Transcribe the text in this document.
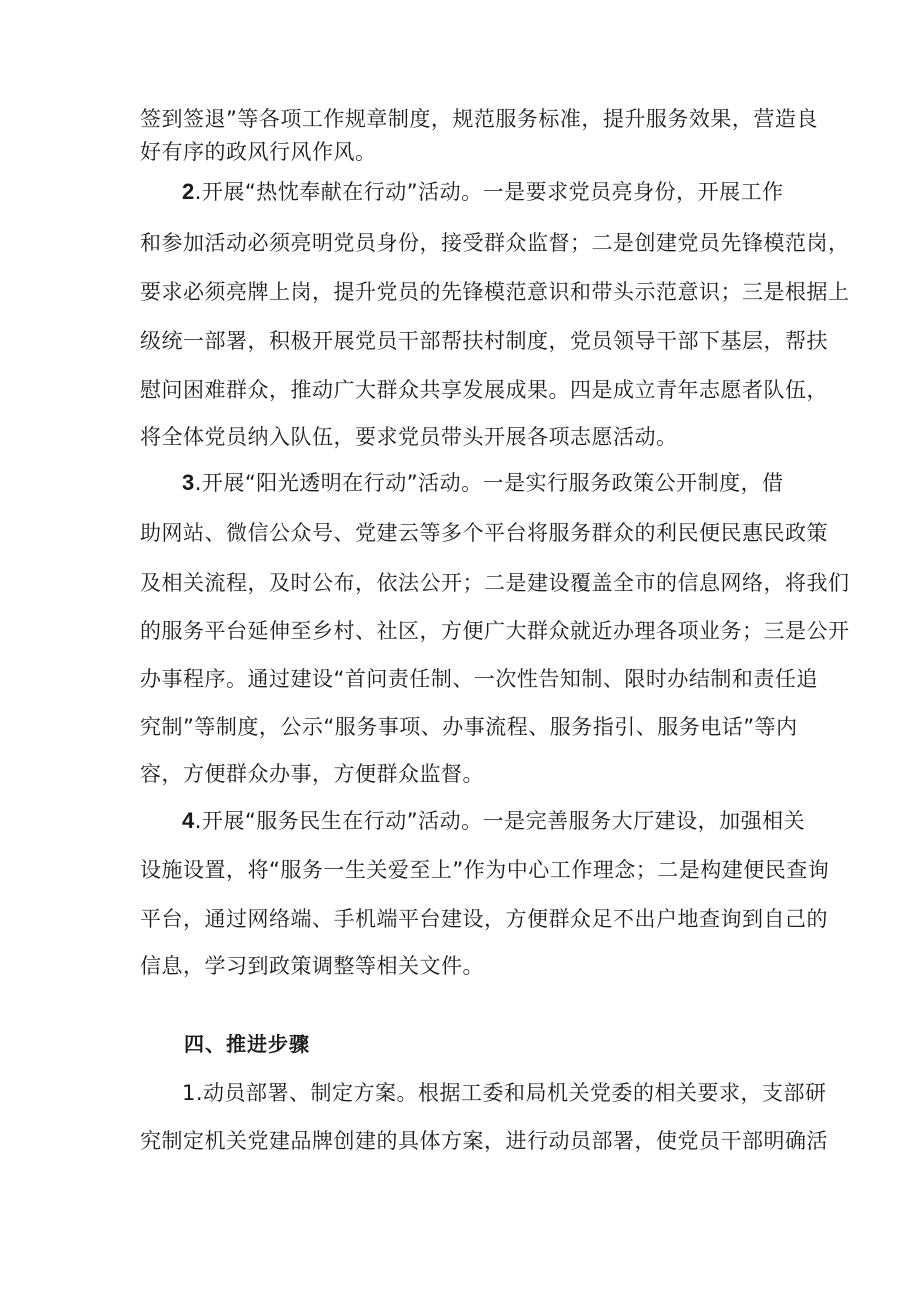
签到签退”等各项工作规章制度，规范服务标准，提升服务效果，营造良
好有序的政风行风作风。
2.开展“热忱奉献在行动”活动。一是要求党员亮身份，开展工作
和参加活动必须亮明党员身份，接受群众监督；二是创建党员先锋模范岗，
要求必须亮牌上岗，提升党员的先锋模范意识和带头示范意识；三是根据上
级统一部署，积极开展党员干部帮扶村制度，党员领导干部下基层，帮扶
慰问困难群众，推动广大群众共享发展成果。四是成立青年志愿者队伍，
将全体党员纳入队伍，要求党员带头开展各项志愿活动。
3.开展“阳光透明在行动”活动。一是实行服务政策公开制度，借
助网站、微信公众号、党建云等多个平台将服务群众的利民便民惠民政策
及相关流程，及时公布，依法公开；二是建设覆盖全市的信息网络，将我们
的服务平台延伸至乡村、社区，方便广大群众就近办理各项业务；三是公开
办事程序。通过建设“首问责任制、一次性告知制、限时办结制和责任追
究制”等制度，公示“服务事项、办事流程、服务指引、服务电话”等内
容，方便群众办事，方便群众监督。
4.开展“服务民生在行动”活动。一是完善服务大厅建设，加强相关
设施设置，将“服务一生关爱至上”作为中心工作理念；二是构建便民查询
平台，通过网络端、手机端平台建设，方便群众足不出户地查询到自己的
信息，学习到政策调整等相关文件。
四、推进步骤
1.动员部署、制定方案。根据工委和局机关党委的相关要求，支部研
究制定机关党建品牌创建的具体方案，进行动员部署，使党员干部明确活
